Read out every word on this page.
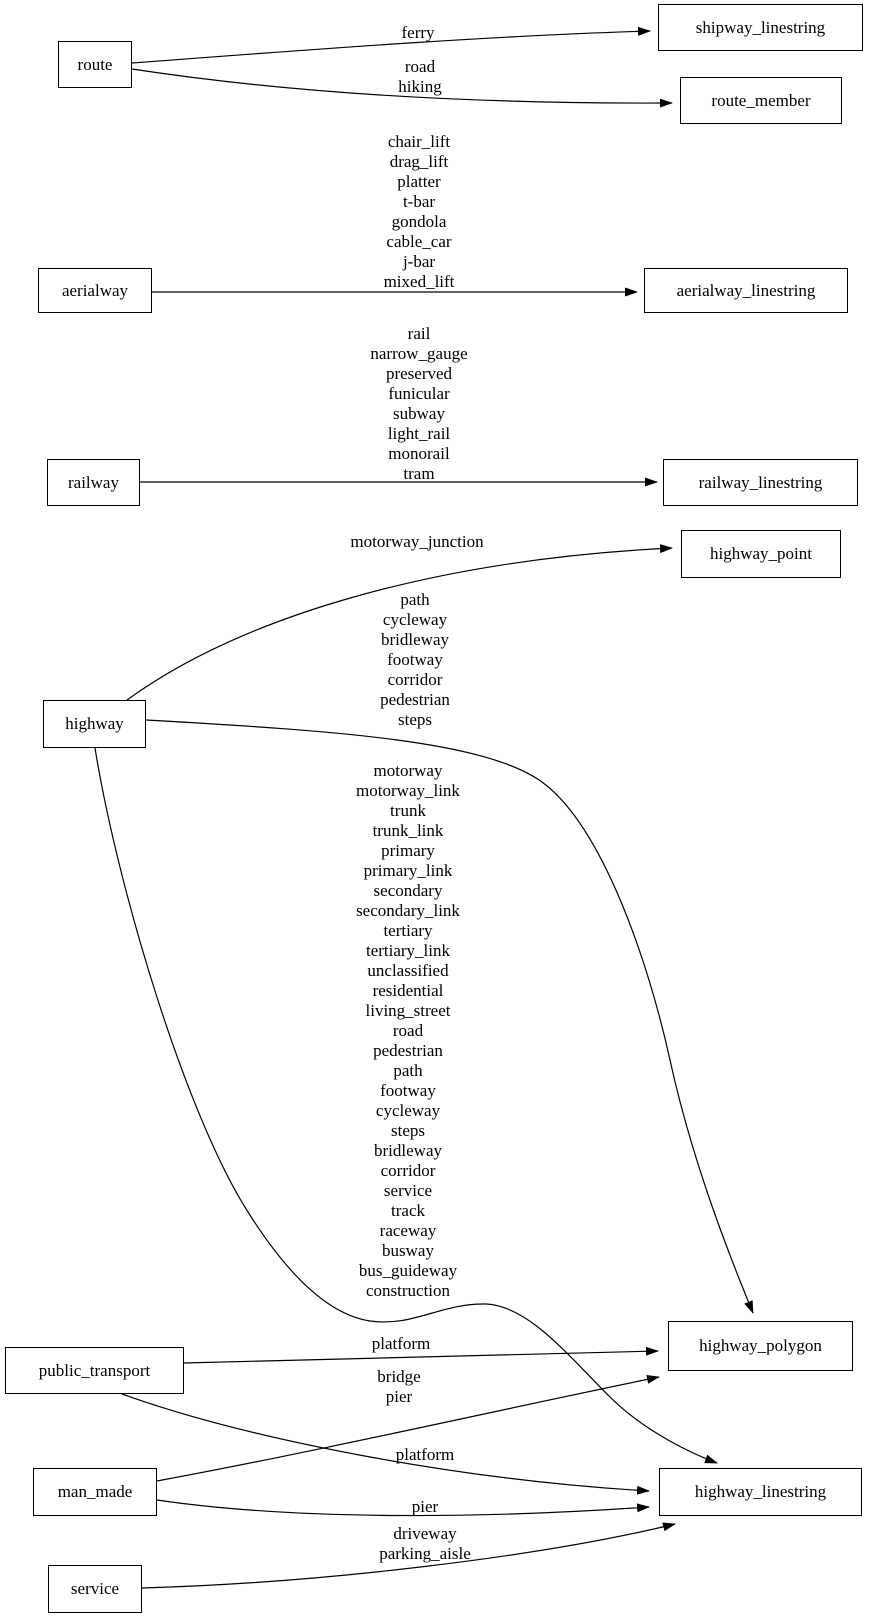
route
aerialway
railway
highway
public_transport
man_made
service
shipway_linestring
route_member
aerialway_linestring
railway_linestring
highway_point
highway_polygon
highway_linestring
ferry
road
hiking
chair_lift
drag_lift
platter
t-bar
gondola
cable_car
j-bar
mixed_lift
rail
narrow_gauge
preserved
funicular
subway
light_rail
monorail
tram
motorway_junction
path
cycleway
bridleway
footway
corridor
pedestrian
steps
motorway
motorway_link
trunk
trunk_link
primary
primary_link
secondary
secondary_link
tertiary
tertiary_link
unclassified
residential
living_street
road
pedestrian
path
footway
cycleway
steps
bridleway
corridor
service
track
raceway
busway
bus_guideway
construction
platform
platform
bridge
pier
pier
driveway
parking_aisle
